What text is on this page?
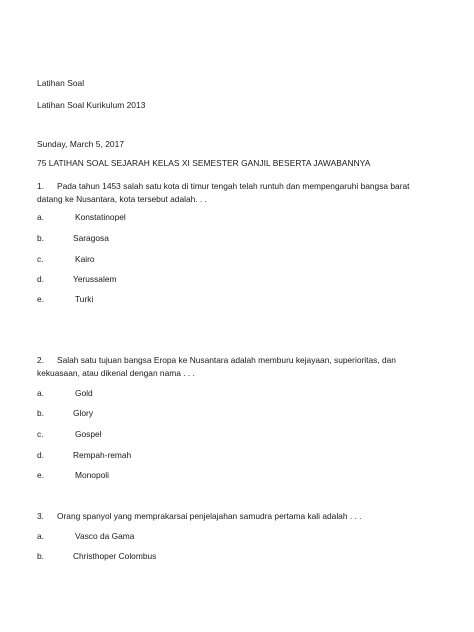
Latihan Soal
Latihan Soal Kurikulum 2013
Sunday, March 5, 2017
75 LATIHAN SOAL SEJARAH KELAS XI SEMESTER GANJIL BESERTA JAWABANNYA
1. Pada tahun 1453 salah satu kota di timur tengah telah runtuh dan mempengaruhi bangsa barat datang ke Nusantara, kota tersebut adalah. . .
a.	Konstatinopel
b.	Saragosa
c.	Kairo
d.	Yerussalem
e.	Turki
2. Salah satu tujuan bangsa Eropa ke Nusantara adalah memburu kejayaan, superioritas, dan kekuasaan, atau dikenal dengan nama . . .
a.	Gold
b.	Glory
c.	Gospel
d.	Rempah-remah
e.	Monopoli
3. Orang spanyol yang memprakarsai penjelajahan samudra pertama kali adalah . . .
a.	Vasco da Gama
b.	Christhoper Colombus
